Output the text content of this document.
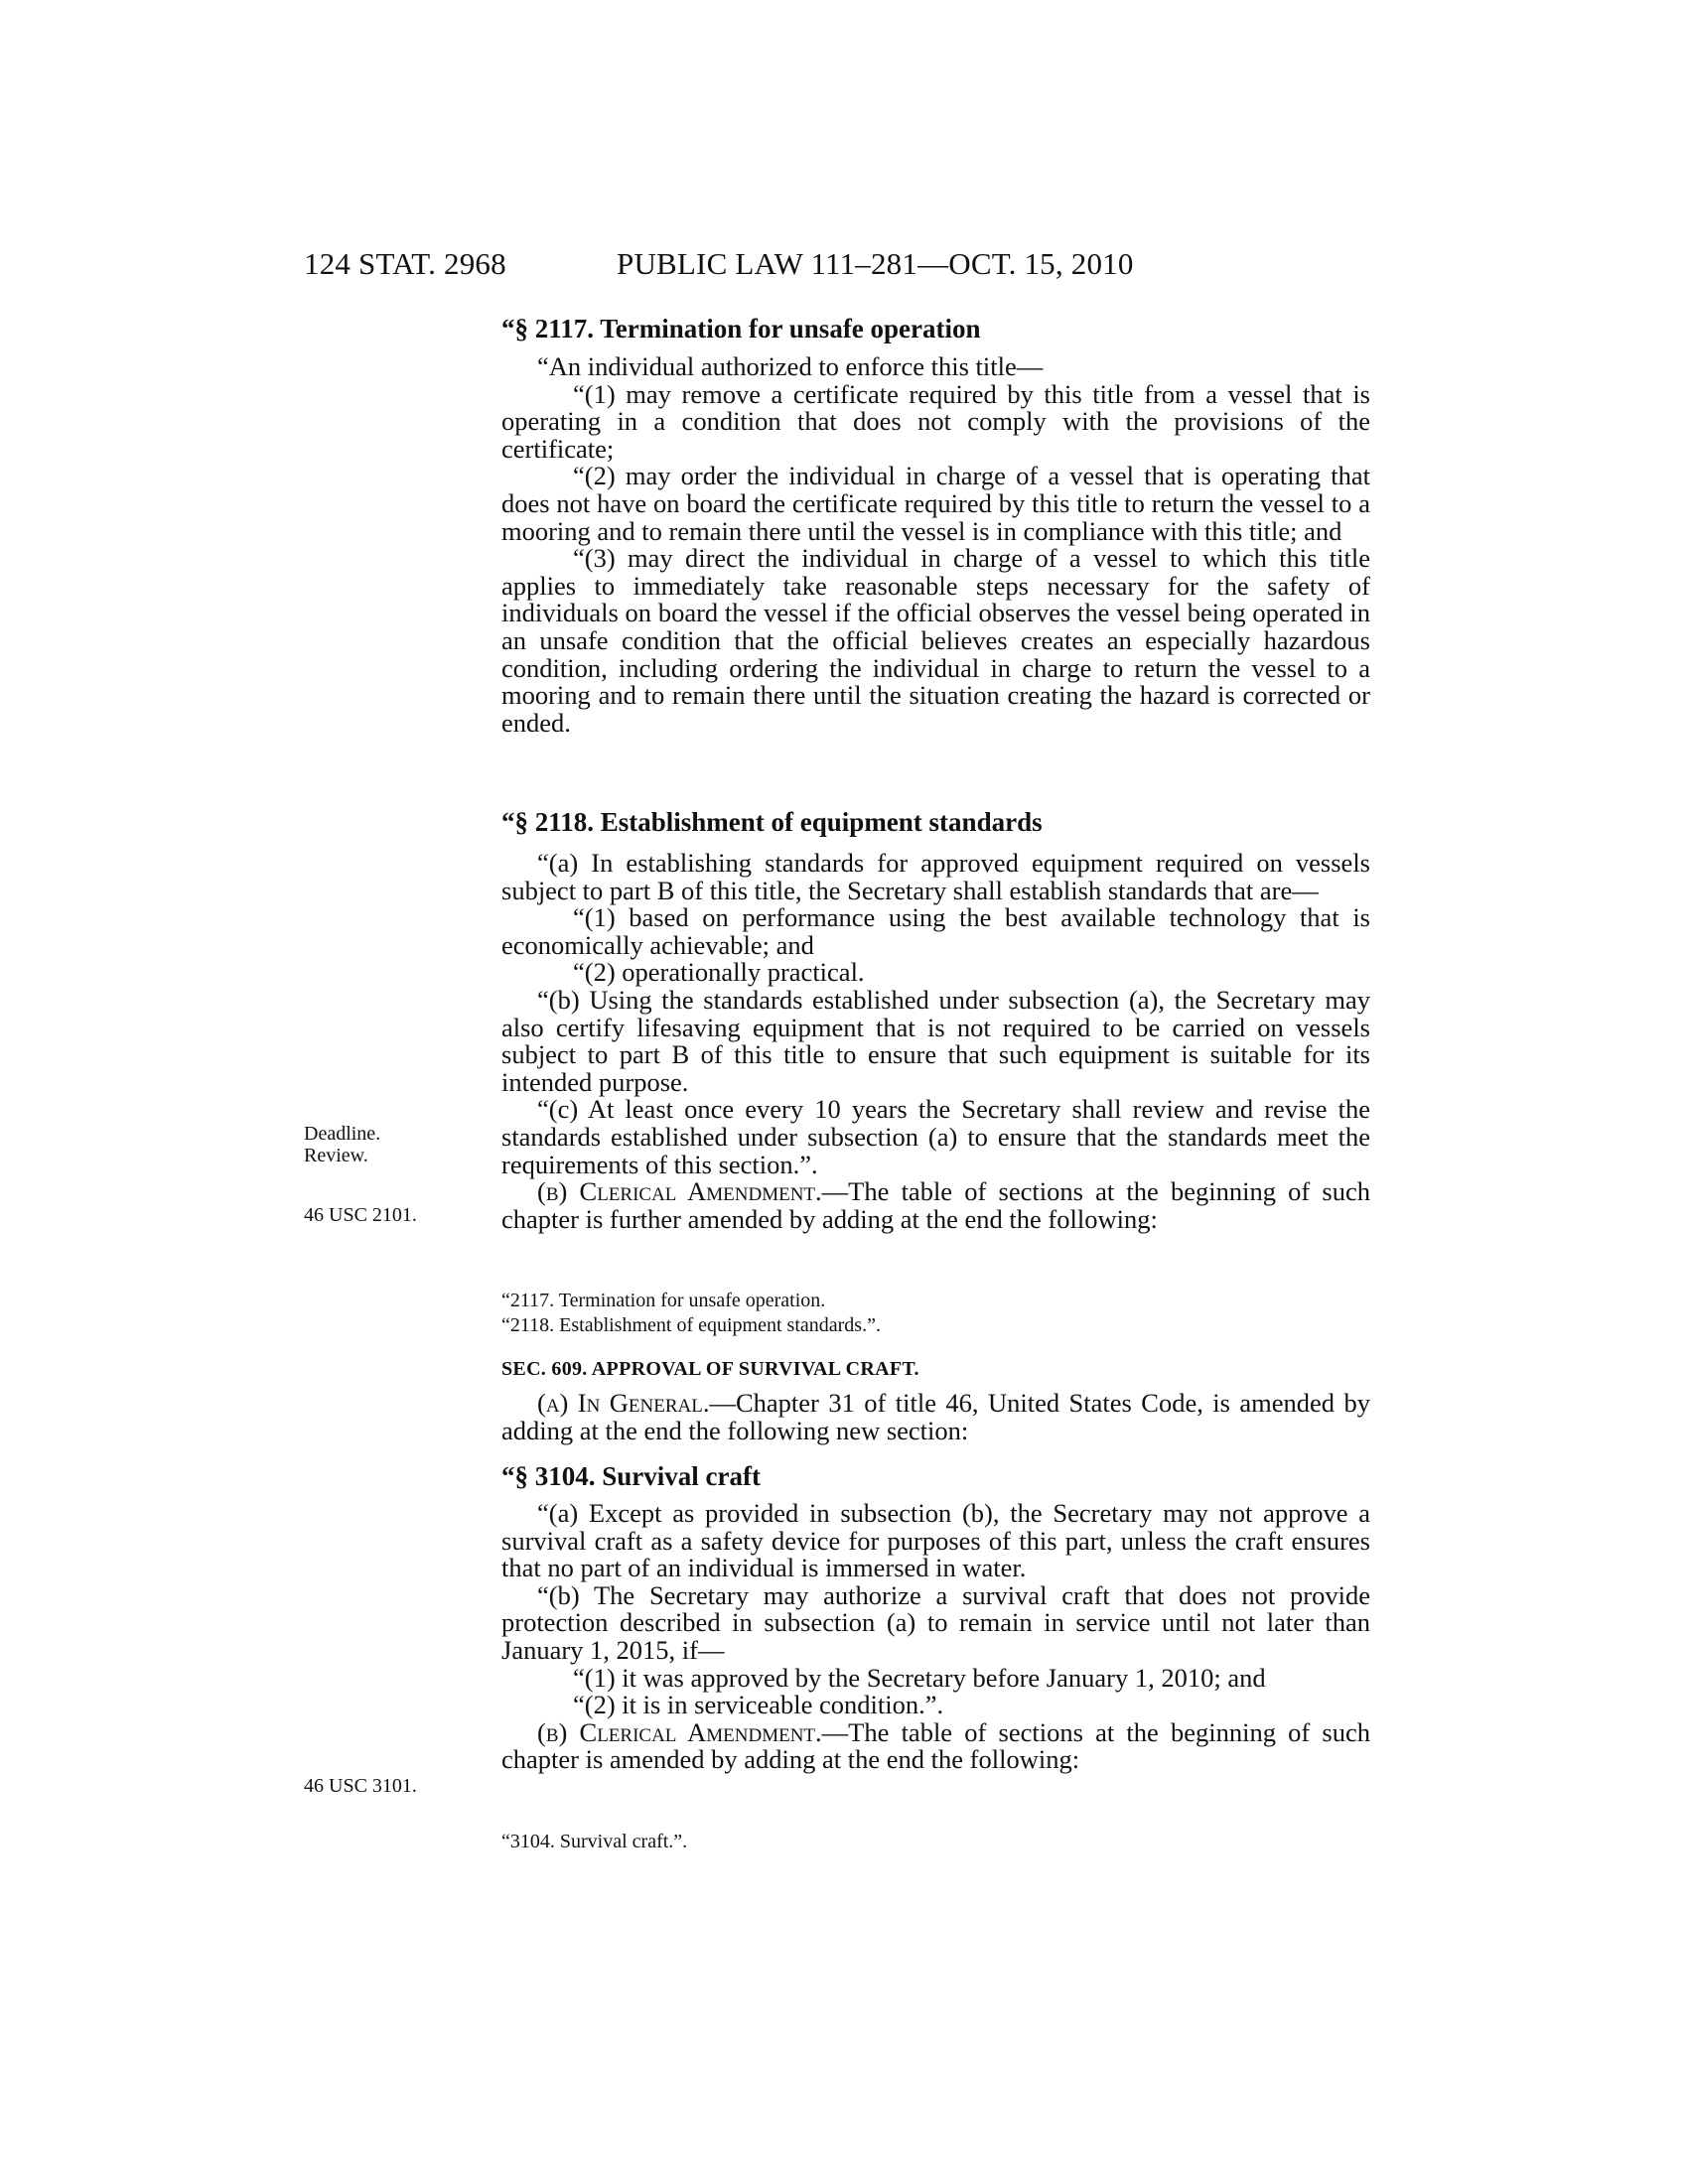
124 STAT. 2968	PUBLIC LAW 111–281—OCT. 15, 2010
“§ 2117. Termination for unsafe operation

“An individual authorized to enforce this title—

“(1) may remove a certificate required by this title from a vessel that is operating in a condition that does not comply with the provisions of the certificate;

“(2) may order the individual in charge of a vessel that is operating that does not have on board the certificate required by this title to return the vessel to a mooring and to remain there until the vessel is in compliance with this title; and

“(3) may direct the individual in charge of a vessel to which this title applies to immediately take reasonable steps necessary for the safety of individuals on board the vessel if the official observes the vessel being operated in an unsafe condition that the official believes creates an especially hazardous condition, including ordering the individual in charge to return the vessel to a mooring and to remain there until the situation creating the hazard is corrected or ended.

“§ 2118. Establishment of equipment standards

“(a) In establishing standards for approved equipment required on vessels subject to part B of this title, the Secretary shall establish standards that are—

“(1) based on performance using the best available technology that is economically achievable; and

“(2) operationally practical.

“(b) Using the standards established under subsection (a), the Secretary may also certify lifesaving equipment that is not required to be carried on vessels subject to part B of this title to ensure that such equipment is suitable for its intended purpose.

“(c) At least once every 10 years the Secretary shall review and revise the standards established under subsection (a) to ensure that the standards meet the requirements of this section.”.

(b) Clerical Amendment.—The table of sections at the beginning of such chapter is further amended by adding at the end the following:

“2117. Termination for unsafe operation.

“2118. Establishment of equipment standards.”.

SEC. 609. APPROVAL OF SURVIVAL CRAFT.

(a) In General.—Chapter 31 of title 46, United States Code, is amended by adding at the end the following new section:

“§ 3104. Survival craft

“(a) Except as provided in subsection (b), the Secretary may not approve a survival craft as a safety device for purposes of this part, unless the craft ensures that no part of an individual is immersed in water.

“(b) The Secretary may authorize a survival craft that does not provide protection described in subsection (a) to remain in service until not later than January 1, 2015, if—

“(1) it was approved by the Secretary before January 1, 2010; and

“(2) it is in serviceable condition.”.

(b) Clerical Amendment.—The table of sections at the beginning of such chapter is amended by adding at the end the following:

“3104. Survival craft.”.

Deadline.
Review.
46 USC 2101.
46 USC 3101.
